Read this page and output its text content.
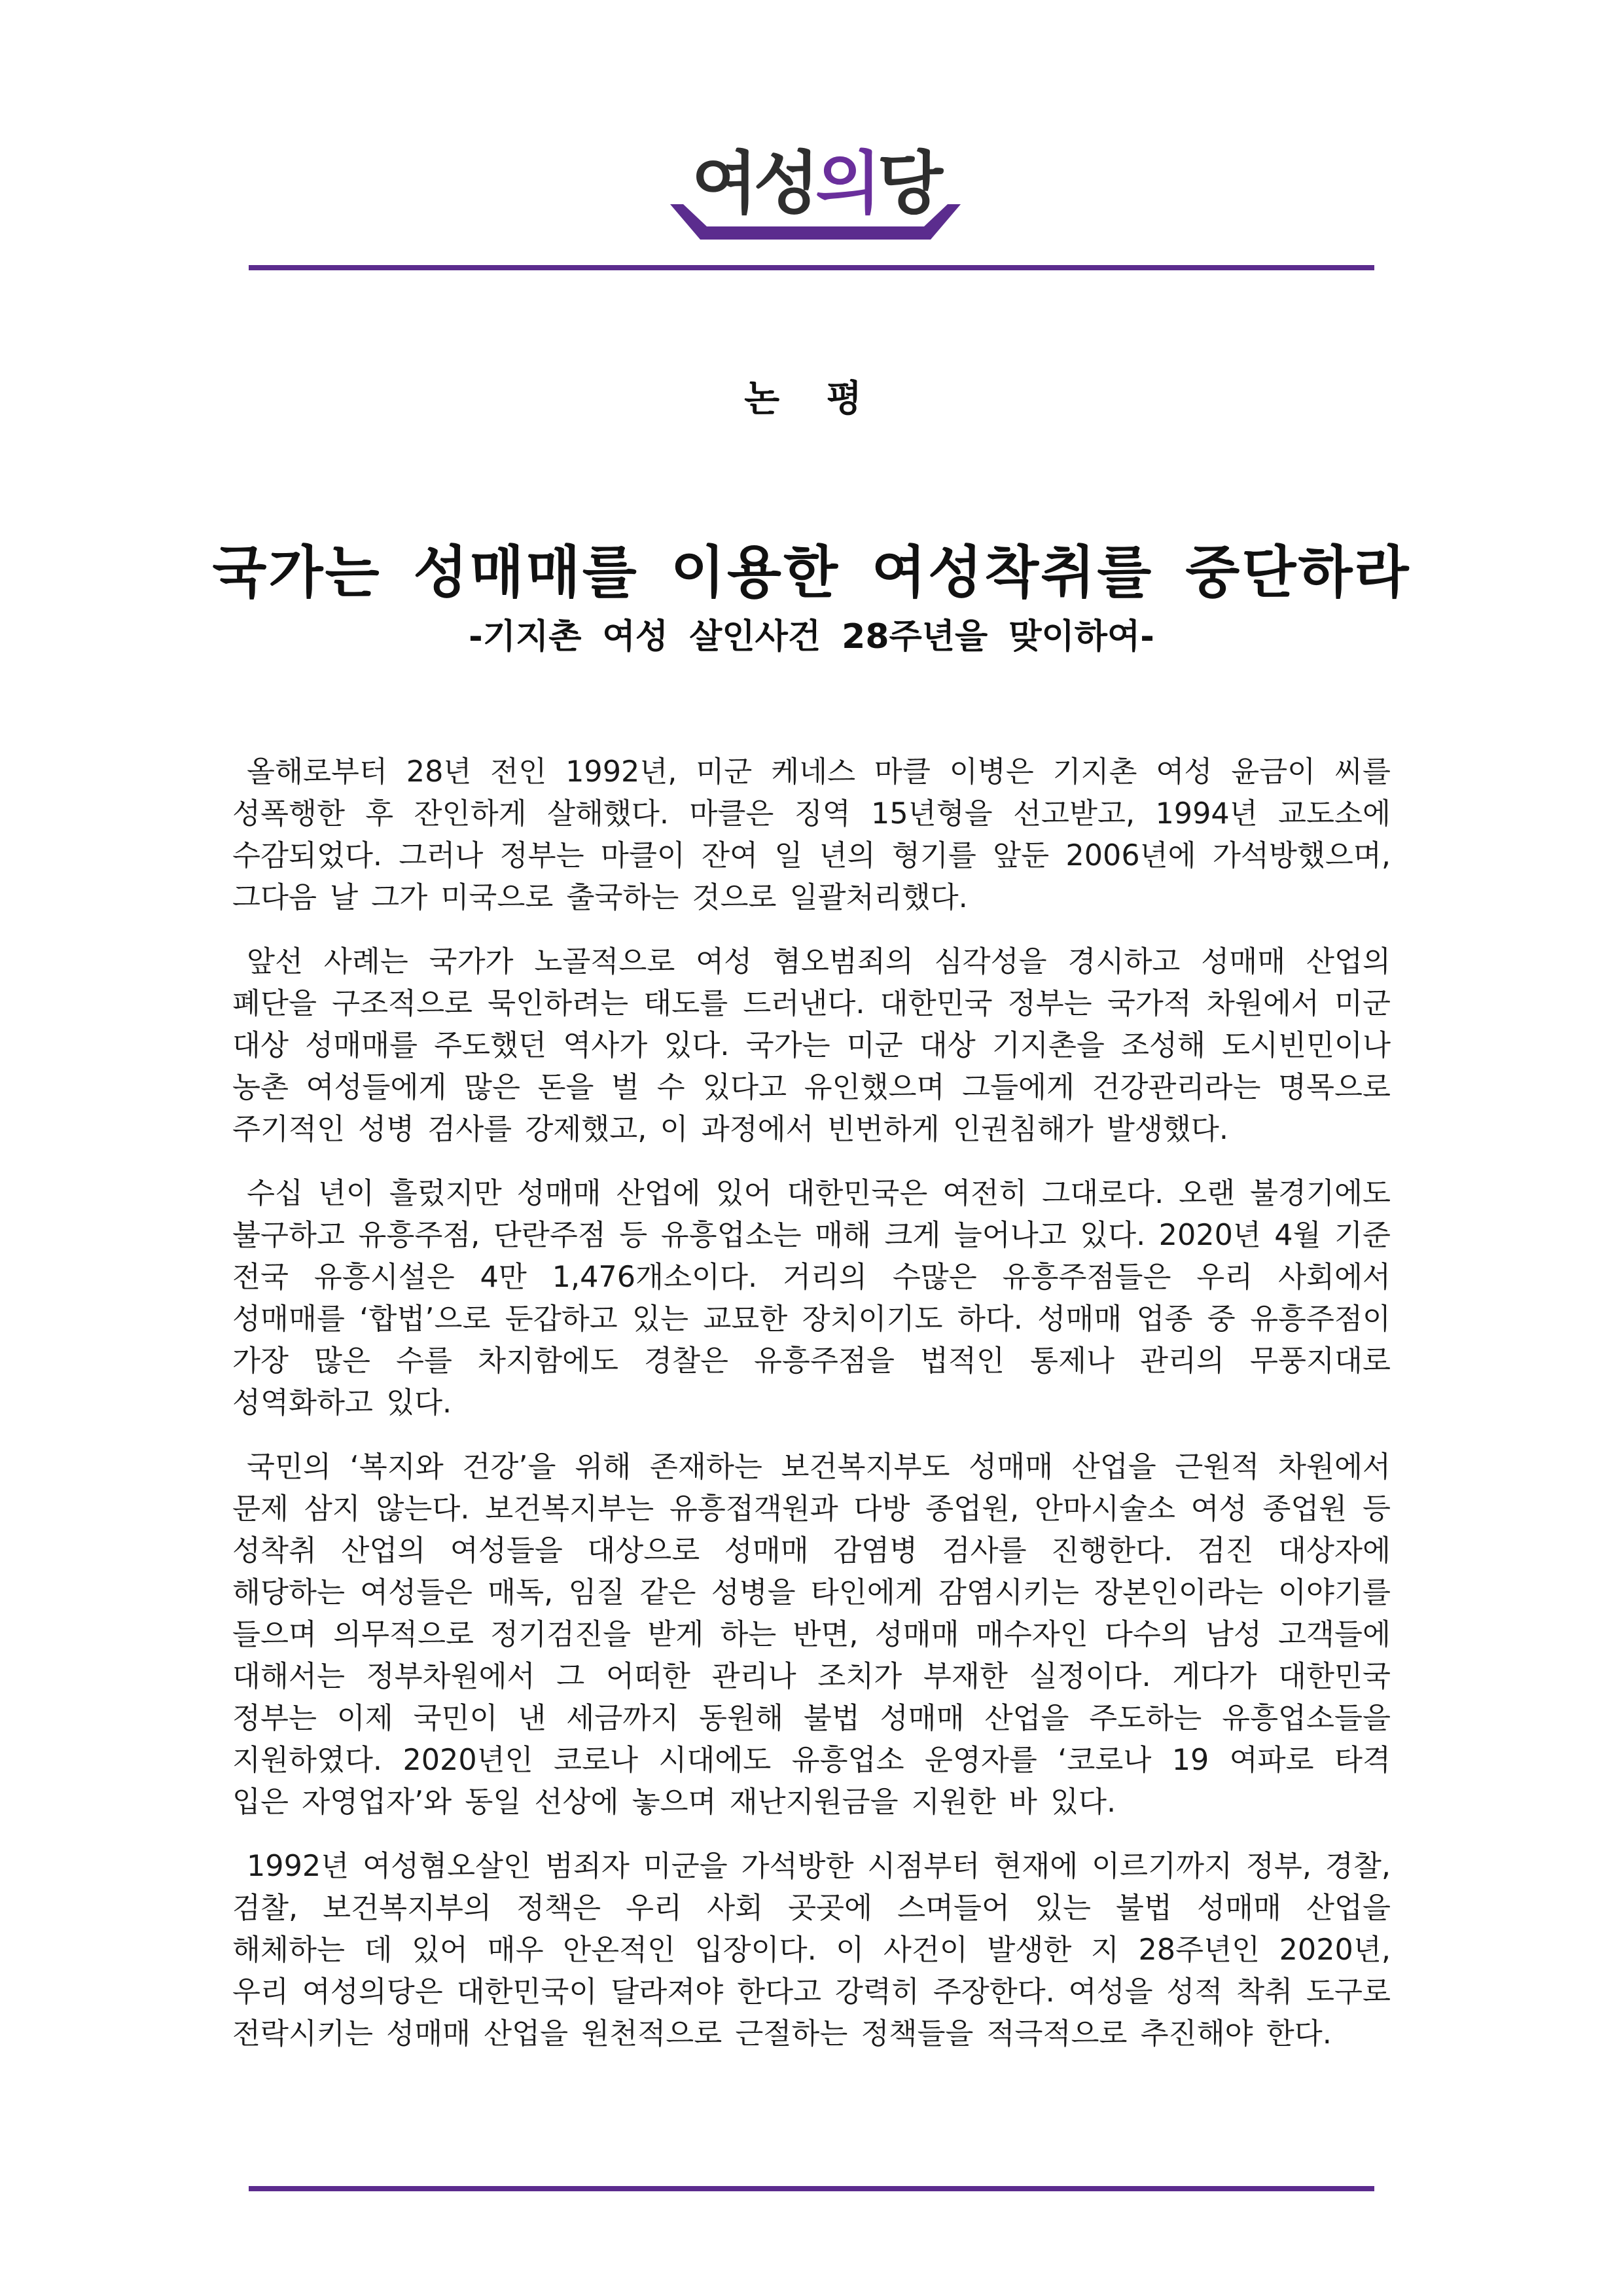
여성의당
논 평
국가는 성매매를 이용한 여성착취를 중단하라
-기지촌 여성 살인사건 28주년을 맞이하여-

올해로부터 28년 전인 1992년, 미군 케네스 마클 이병은 기지촌 여성 윤금이 씨를 성폭행한 후 잔인하게 살해했다. 마클은 징역 15년형을 선고받고, 1994년 교도소에 수감되었다. 그러나 정부는 마클이 잔여 일 년의 형기를 앞둔 2006년에 가석방했으며, 그다음 날 그가 미국으로 출국하는 것으로 일괄처리했다.

앞선 사례는 국가가 노골적으로 여성 혐오범죄의 심각성을 경시하고 성매매 산업의 폐단을 구조적으로 묵인하려는 태도를 드러낸다. 대한민국 정부는 국가적 차원에서 미군 대상 성매매를 주도했던 역사가 있다. 국가는 미군 대상 기지촌을 조성해 도시빈민이나 농촌 여성들에게 많은 돈을 벌 수 있다고 유인했으며 그들에게 건강관리라는 명목으로 주기적인 성병 검사를 강제했고, 이 과정에서 빈번하게 인권침해가 발생했다.

수십 년이 흘렀지만 성매매 산업에 있어 대한민국은 여전히 그대로다. 오랜 불경기에도 불구하고 유흥주점, 단란주점 등 유흥업소는 매해 크게 늘어나고 있다. 2020년 4월 기준 전국 유흥시설은 4만 1,476개소이다. 거리의 수많은 유흥주점들은 우리 사회에서 성매매를 ‘합법’으로 둔갑하고 있는 교묘한 장치이기도 하다. 성매매 업종 중 유흥주점이 가장 많은 수를 차지함에도 경찰은 유흥주점을 법적인 통제나 관리의 무풍지대로 성역화하고 있다.

국민의 ‘복지와 건강’을 위해 존재하는 보건복지부도 성매매 산업을 근원적 차원에서 문제 삼지 않는다. 보건복지부는 유흥접객원과 다방 종업원, 안마시술소 여성 종업원 등 성착취 산업의 여성들을 대상으로 성매매 감염병 검사를 진행한다. 검진 대상자에 해당하는 여성들은 매독, 임질 같은 성병을 타인에게 감염시키는 장본인이라는 이야기를 들으며 의무적으로 정기검진을 받게 하는 반면, 성매매 매수자인 다수의 남성 고객들에 대해서는 정부차원에서 그 어떠한 관리나 조치가 부재한 실정이다. 게다가 대한민국 정부는 이제 국민이 낸 세금까지 동원해 불법 성매매 산업을 주도하는 유흥업소들을 지원하였다. 2020년인 코로나 시대에도 유흥업소 운영자를 ‘코로나 19 여파로 타격 입은 자영업자’와 동일 선상에 놓으며 재난지원금을 지원한 바 있다.

1992년 여성혐오살인 범죄자 미군을 가석방한 시점부터 현재에 이르기까지 정부, 경찰, 검찰, 보건복지부의 정책은 우리 사회 곳곳에 스며들어 있는 불법 성매매 산업을 해체하는 데 있어 매우 안온적인 입장이다. 이 사건이 발생한 지 28주년인 2020년, 우리 여성의당은 대한민국이 달라져야 한다고 강력히 주장한다. 여성을 성적 착취 도구로 전락시키는 성매매 산업을 원천적으로 근절하는 정책들을 적극적으로 추진해야 한다.
